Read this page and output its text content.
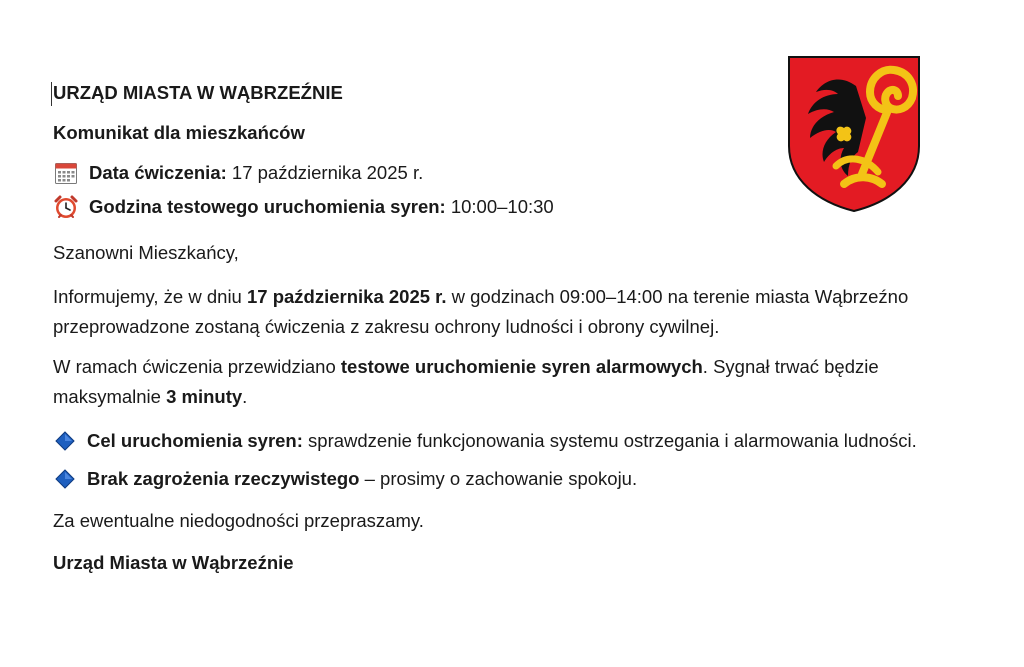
URZĄD MIASTA W WĄBRZEŹNIE
Komunikat dla mieszkańców
Data ćwiczenia: 17 października 2025 r.
Godzina testowego uruchomienia syren: 10:00–10:30

Szanowni Mieszkańcy,

Informujemy, że w dniu 17 października 2025 r. w godzinach 09:00–14:00 na terenie miasta Wąbrzeźno przeprowadzone zostaną ćwiczenia z zakresu ochrony ludności i obrony cywilnej.

W ramach ćwiczenia przewidziano testowe uruchomienie syren alarmowych. Sygnał trwać będzie maksymalnie 3 minuty.

Cel uruchomienia syren: sprawdzenie funkcjonowania systemu ostrzegania i alarmowania ludności.

Brak zagrożenia rzeczywistego – prosimy o zachowanie spokoju.

Za ewentualne niedogodności przepraszamy.

Urząd Miasta w Wąbrzeźnie
